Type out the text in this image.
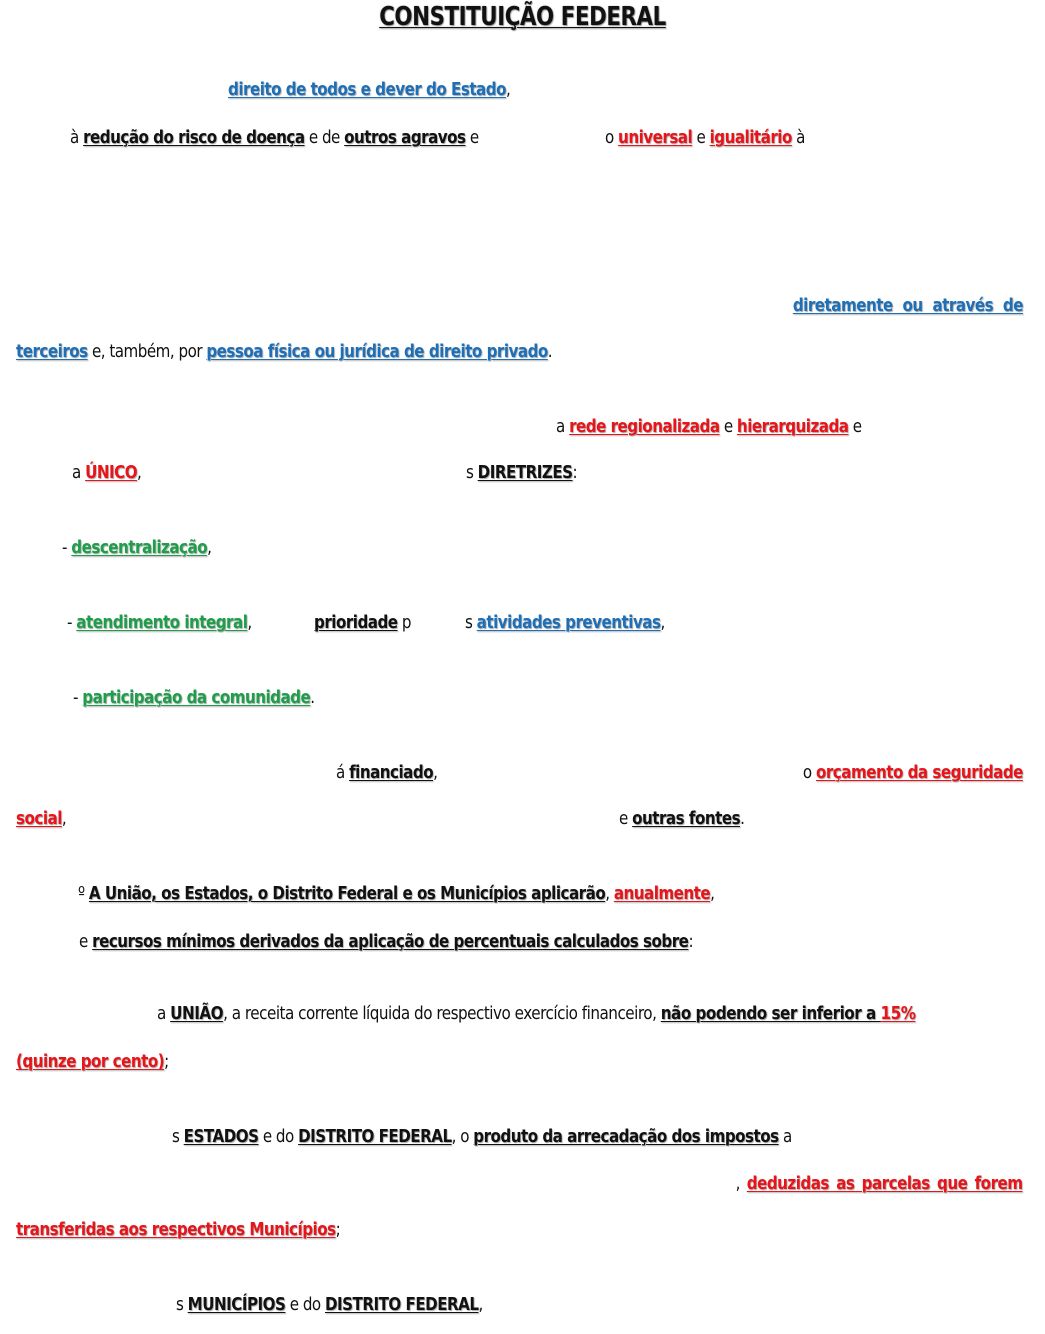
CONSTITUIÇÃO FEDERAL
direito de todos e dever do Estado,
à redução do risco de doença e de outros agravos e	o universal e igualitário à
diretamente ou através de
terceiros e, também, por pessoa física ou jurídica de direito privado.
a rede regionalizada e hierarquizada e
a ÚNICO,	s DIRETRIZES:
- descentralização,
- atendimento integral,	prioridade p	s atividades preventivas,
- participação da comunidade.
á financiado,	o orçamento da seguridade
social,	e outras fontes.
º A União, os Estados, o Distrito Federal e os Municípios aplicarão, anualmente,
e recursos mínimos derivados da aplicação de percentuais calculados sobre:
a UNIÃO, a receita corrente líquida do respectivo exercício financeiro, não podendo ser inferior a 15%
(quinze por cento);
s ESTADOS e do DISTRITO FEDERAL, o produto da arrecadação dos impostos a
, deduzidas as parcelas que forem
transferidas aos respectivos Municípios;
s MUNICÍPIOS e do DISTRITO FEDERAL,
